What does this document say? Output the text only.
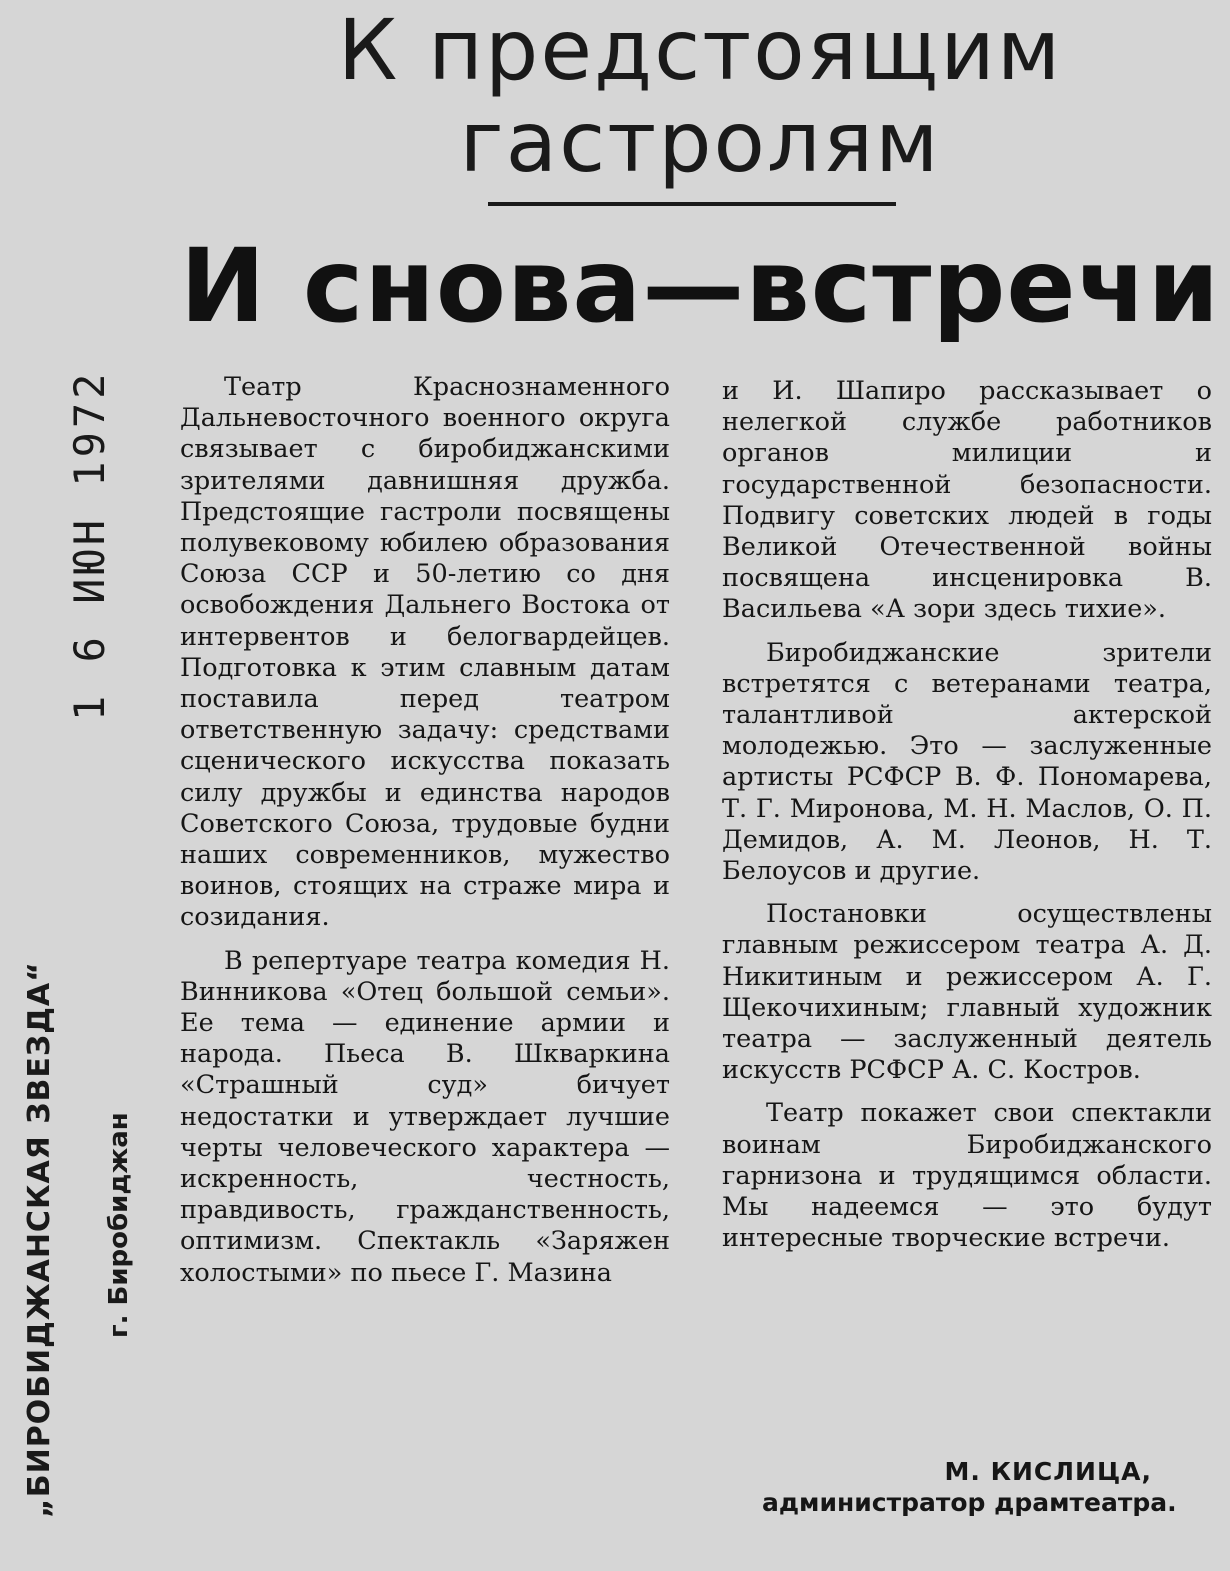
К предстоящим
гастролям
И снова—встречи

Театр Краснознаменного Дальневосточного военного округа связывает с биробиджанскими зрителями давнишняя дружба. Предстоящие гастроли посвящены полувековому юбилею образования Союза ССР и 50-летию со дня освобождения Дальнего Востока от интервентов и белогвардейцев. Подготовка к этим славным датам поставила перед театром ответственную задачу: средствами сценического искусства показать силу дружбы и единства народов Советского Союза, трудовые будни наших современников, мужество воинов, стоящих на страже мира и созидания.

В репертуаре театра комедия Н. Винникова «Отец большой семьи». Ее тема — единение армии и народа. Пьеса В. Шкваркина «Страшный суд» бичует недостатки и утверждает лучшие черты человеческого характера — искренность, честность, правдивость, гражданственность, оптимизм. Спектакль «Заряжен холостыми» по пьесе Г. Мазина

и И. Шапиро рассказывает о нелегкой службе работников органов милиции и государственной безопасности. Подвигу советских людей в годы Великой Отечественной войны посвящена инсценировка В. Васильева «А зори здесь тихие».

Биробиджанские зрители встретятся с ветеранами театра, талантливой актерской молодежью. Это — заслуженные артисты РСФСР В. Ф. Пономарева, Т. Г. Миронова, М. Н. Маслов, О. П. Демидов, А. М. Леонов, Н. Т. Белоусов и другие.

Постановки осуществлены главным режиссером театра А. Д. Никитиным и режиссером А. Г. Щекочихиным; главный художник театра — заслуженный деятель искусств РСФСР А. С. Костров.

Театр покажет свои спектакли воинам Биробиджанского гарнизона и трудящимся области. Мы надеемся — это будут интересные творческие встречи.

М. КИСЛИЦА,
администратор драмтеатра.
1 6 ИЮН 1972
„БИРОБИДЖАНСКАЯ ЗВЕЗДА“ г. Биробиджан
